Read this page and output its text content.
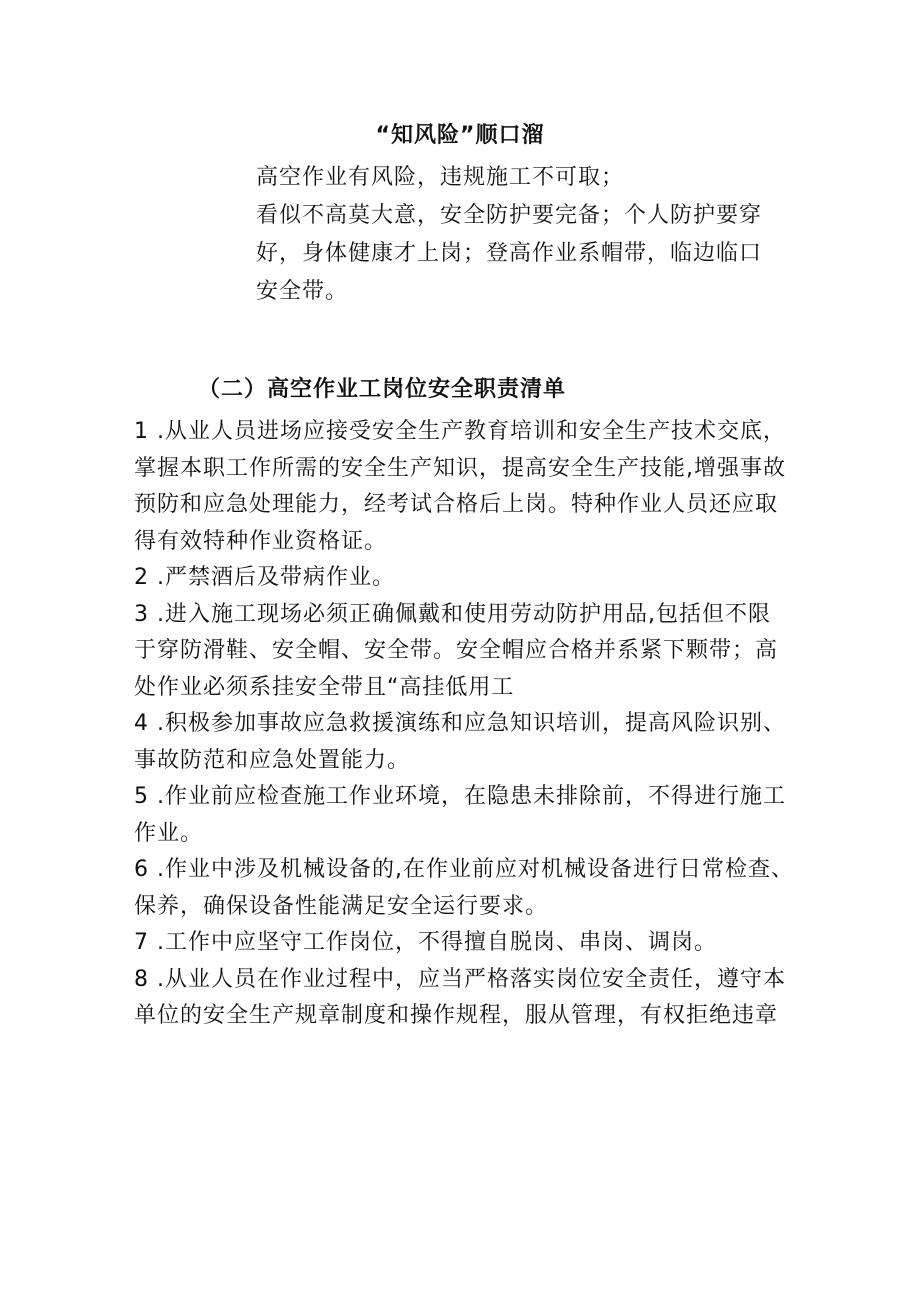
“知风险”顺口溜
高空作业有风险，违规施工不可取；
看似不高莫大意，安全防护要完备；个人防护要穿
好，身体健康才上岗；登高作业系帽带，临边临口
安全带。
（二）高空作业工岗位安全职责清单
1 .从业人员进场应接受安全生产教育培训和安全生产技术交底，
掌握本职工作所需的安全生产知识，提高安全生产技能,增强事故
预防和应急处理能力，经考试合格后上岗。特种作业人员还应取
得有效特种作业资格证。
2 .严禁酒后及带病作业。
3 .进入施工现场必须正确佩戴和使用劳动防护用品,包括但不限
于穿防滑鞋、安全帽、安全带。安全帽应合格并系紧下颗带；高
处作业必须系挂安全带且“高挂低用工
4 .积极参加事故应急救援演练和应急知识培训，提高风险识别、
事故防范和应急处置能力。
5 .作业前应检查施工作业环境，在隐患未排除前，不得进行施工
作业。
6 .作业中涉及机械设备的,在作业前应对机械设备进行日常检查、
保养，确保设备性能满足安全运行要求。
7 .工作中应坚守工作岗位，不得擅自脱岗、串岗、调岗。
8 .从业人员在作业过程中，应当严格落实岗位安全责任，遵守本
单位的安全生产规章制度和操作规程，服从管理，有权拒绝违章
